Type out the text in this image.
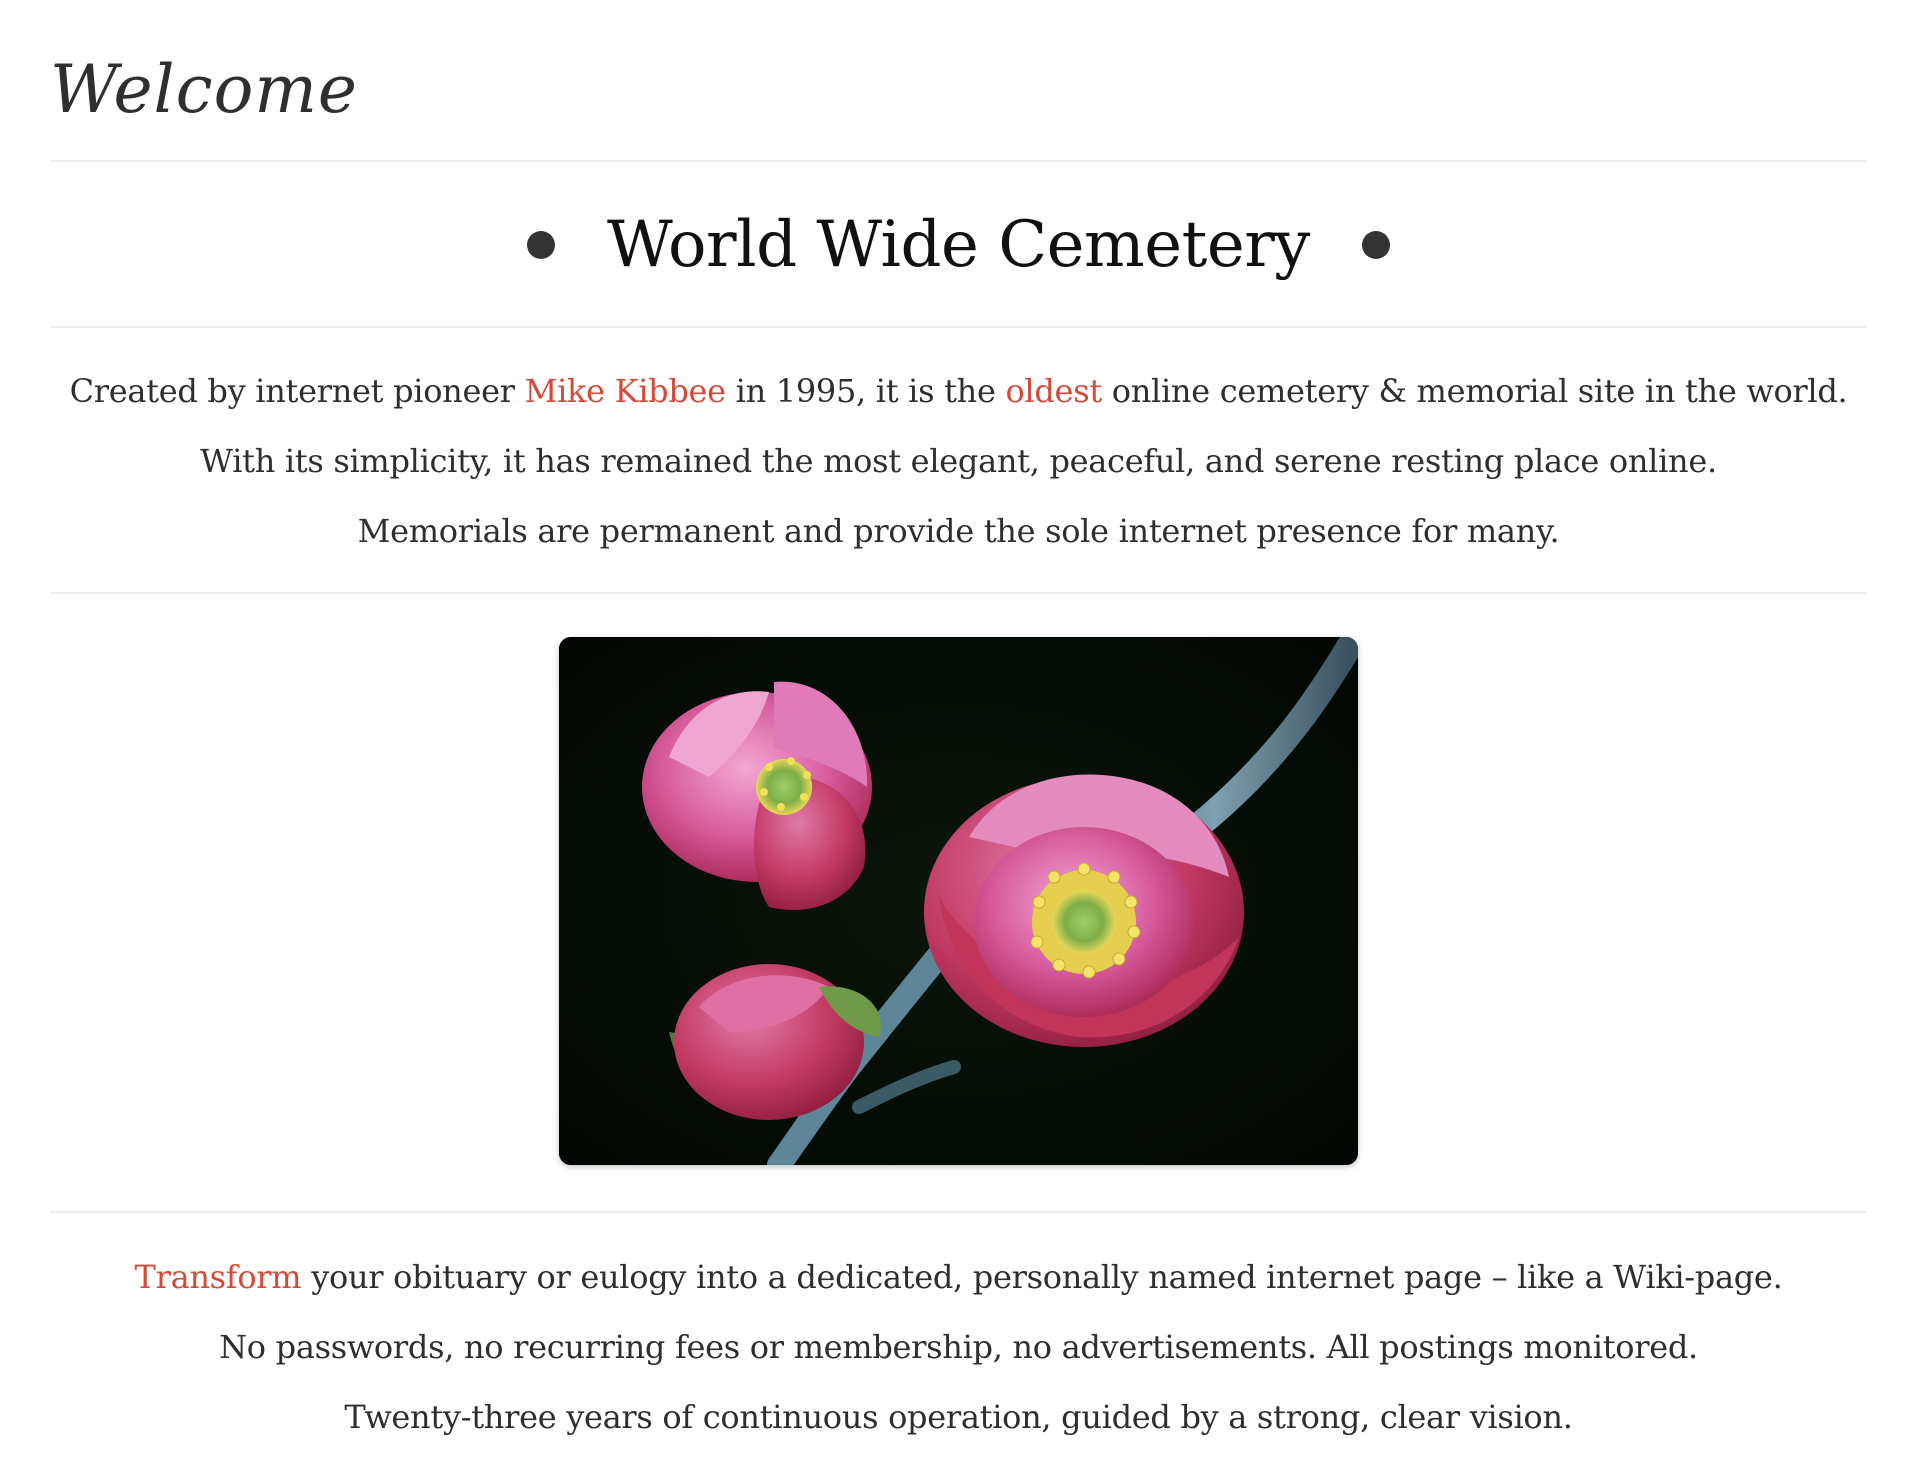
Welcome
World Wide Cemetery
Created by internet pioneer Mike Kibbee in 1995, it is the oldest online cemetery & memorial site in the world.
With its simplicity, it has remained the most elegant, peaceful, and serene resting place online.
Memorials are permanent and provide the sole internet presence for many.
Transform your obituary or eulogy into a dedicated, personally named internet page – like a Wiki-page.
No passwords, no recurring fees or membership, no advertisements. All postings monitored.
Twenty-three years of continuous operation, guided by a strong, clear vision.
